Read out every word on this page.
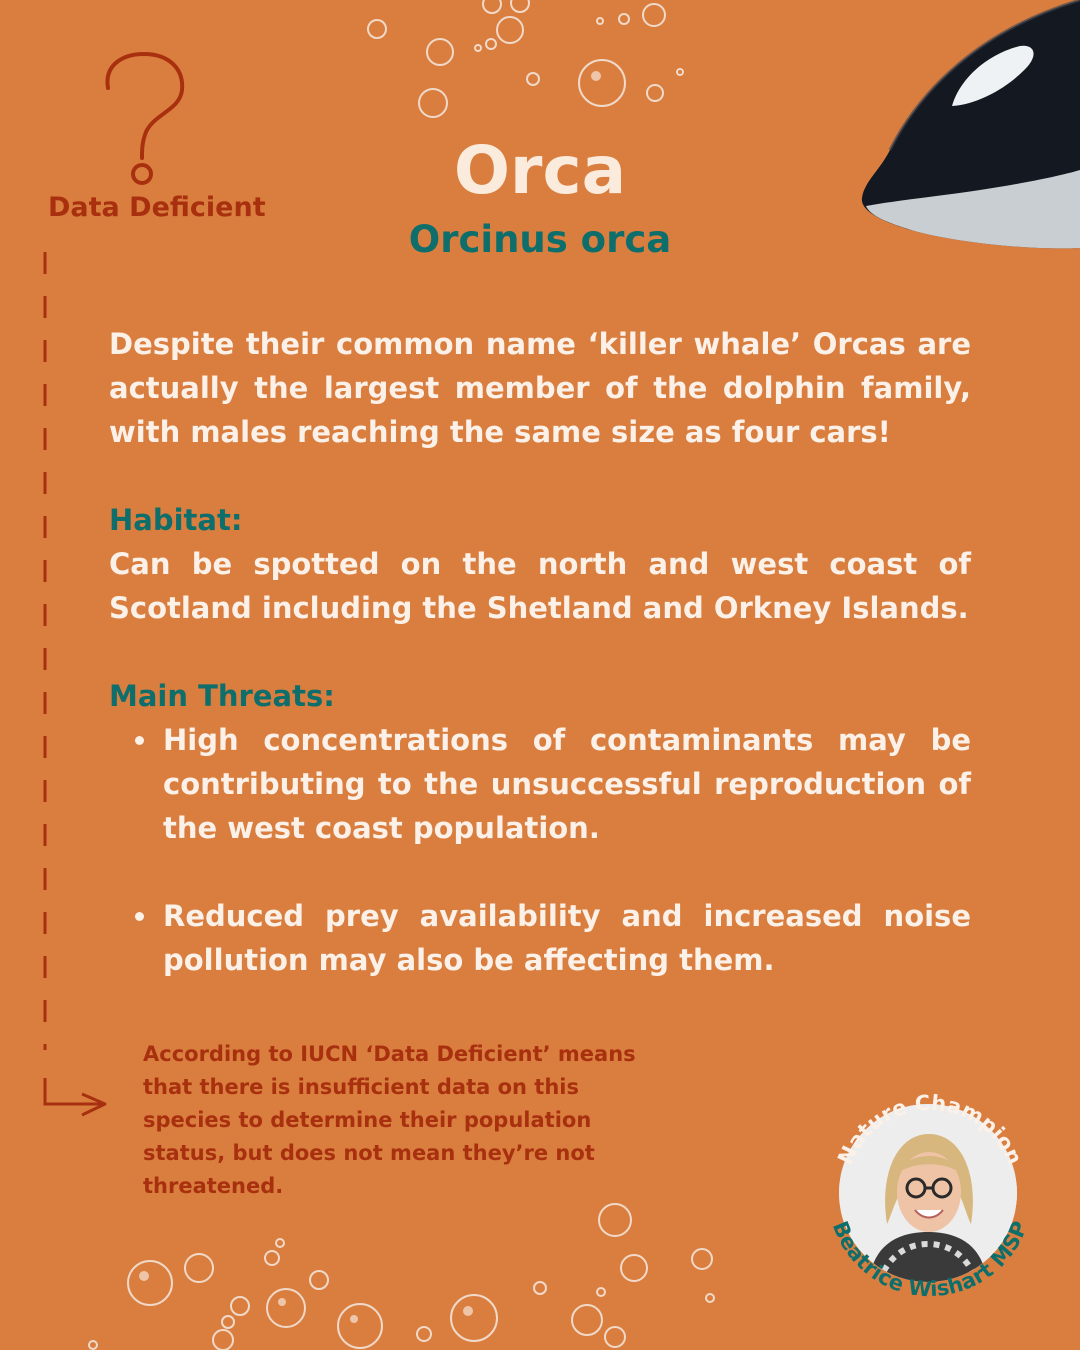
Data Deficient	Orca
Orcinus orca

Despite their common name ‘killer whale’ Orcas are actually the largest member of the dolphin family, with males reaching the same size as four cars!

Habitat:

Can be spotted on the north and west coast of Scotland including the Shetland and Orkney Islands.

Main Threats:

High concentrations of contaminants may be contributing to the unsuccessful reproduction of the west coast population.
Reduced prey availability and increased noise pollution may also be affecting them.
According to IUCN ‘Data Deficient’ means that there is insufficient data on this species to determine their population status, but does not mean they’re not threatened.
Nature Champion
Beatrice Wishart MSP
